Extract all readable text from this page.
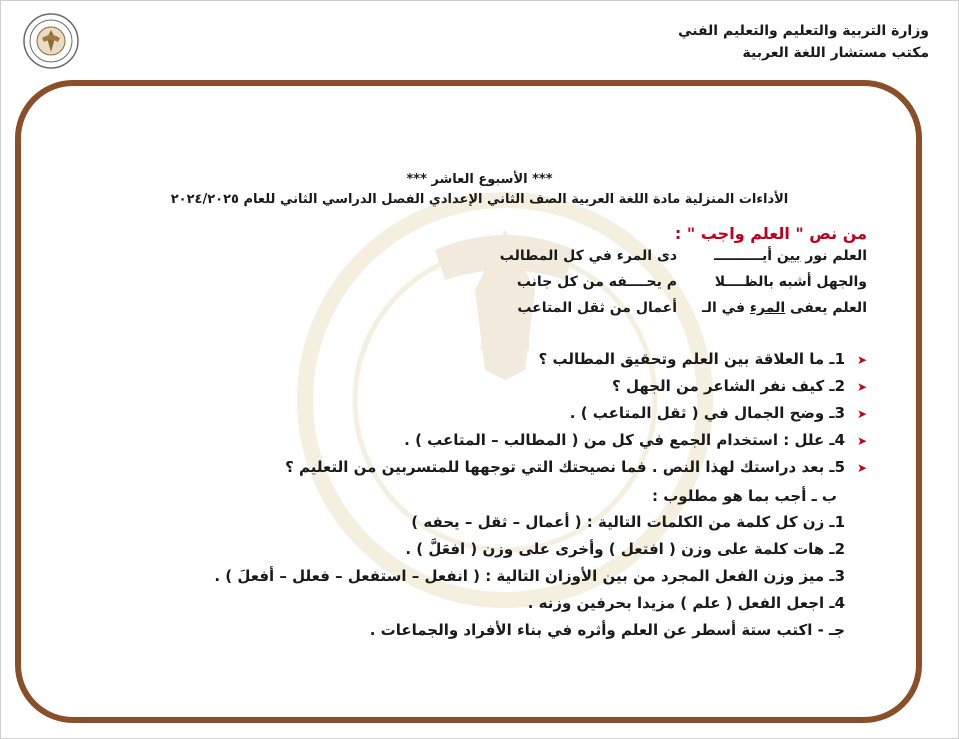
وزارة التربية والتعليم والتعليم الفني
مكتب مستشار اللغة العربية
*** الأسبوع العاشر ***
الأداءات المنزلية مادة اللغة العربية الصف الثاني الإعدادي الفصل الدراسي الثاني للعام ٢٠٢٤/٢٠٢٥
من نص " العلم واجب " :
العلم نور بين أيــــــــــ
دى المرء في كل المطالب
والجهل أشبه بالظــــلا
م يحــــفه من كل جانب
العلم يعفى المرء في الـ
أعمال من ثقل المتاعب
➤
1ـ ما العلاقة بين العلم وتحقيق المطالب ؟
➤
2ـ كيف نفر الشاعر من الجهل ؟
➤
3ـ وضح الجمال في ( ثقل المتاعب ) .
➤
4ـ علل : استخدام الجمع في كل من ( المطالب – المتاعب ) .
➤
5ـ بعد دراستك لهذا النص . فما نصيحتك التي توجهها للمتسربين من التعليم ؟
ب ـ أجب بما هو مطلوب :
1ـ زن كل كلمة من الكلمات التالية : ( أعمال – ثقل – يحفه )
2ـ هات كلمة على وزن ( افتعل ) وأخرى على وزن ( افعَلَّ ) .
3ـ ميز وزن الفعل المجرد من بين الأوزان التالية : ( انفعل – استفعل – فعلل – أفعلَ ) .
4ـ اجعل الفعل ( علم ) مزيدا بحرفين وزنه .
جـ - اكتب ستة أسطر عن العلم وأثره في بناء الأفراد والجماعات .
